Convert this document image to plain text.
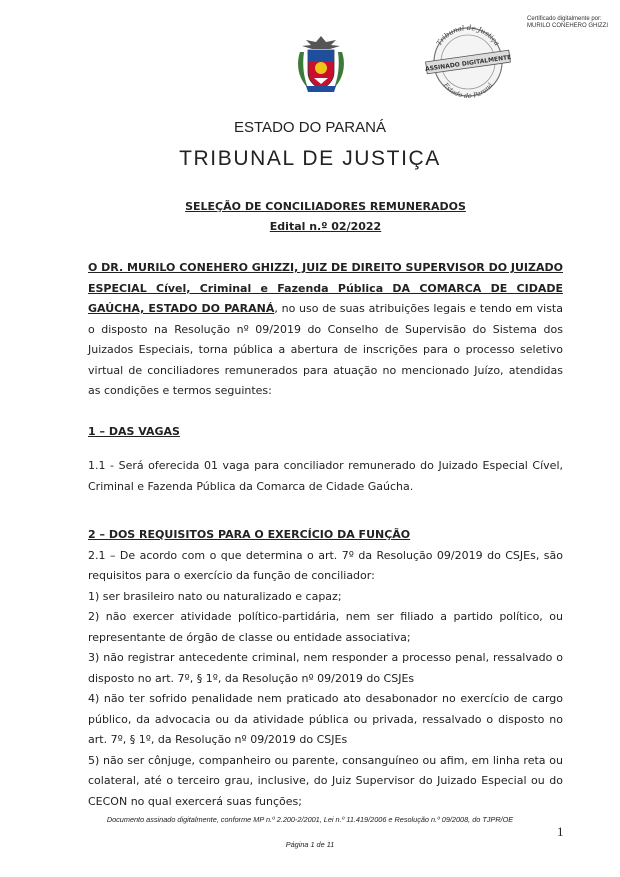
Certificado digitalmente por:
MURILO CONEHERO GHIZZI
Tribunal de Justiça
Estado do Paraná
ASSINADO DIGITALMENTE
ESTADO DO PARANÁ
TRIBUNAL DE JUSTIÇA
SELEÇÃO DE CONCILIADORES REMUNERADOS
Edital n.º 02/2022

O DR. MURILO CONEHERO GHIZZI, JUIZ DE DIREITO SUPERVISOR DO JUIZADO ESPECIAL Cível, Criminal e Fazenda Pública DA COMARCA DE CIDADE GAÚCHA, ESTADO DO PARANÁ, no uso de suas atribuições legais e tendo em vista o disposto na Resolução nº 09/2019 do Conselho de Supervisão do Sistema dos Juizados Especiais, torna pública a abertura de inscrições para o processo seletivo virtual de conciliadores remunerados para atuação no mencionado Juízo, atendidas as condições e termos seguintes:

1 – DAS VAGAS

1.1 - Será oferecida 01 vaga para conciliador remunerado do Juizado Especial Cível, Criminal e Fazenda Pública da Comarca de Cidade Gaúcha.

2 – DOS REQUISITOS PARA O EXERCÍCIO DA FUNÇÃO

2.1 – De acordo com o que determina o art. 7º da Resolução 09/2019 do CSJEs, são requisitos para o exercício da função de conciliador:

1) ser brasileiro nato ou naturalizado e capaz;

2) não exercer atividade político-partidária, nem ser filiado a partido político, ou representante de órgão de classe ou entidade associativa;

3) não registrar antecedente criminal, nem responder a processo penal, ressalvado o disposto no art. 7º, § 1º, da Resolução nº 09/2019 do CSJEs

4) não ter sofrido penalidade nem praticado ato desabonador no exercício de cargo público, da advocacia ou da atividade pública ou privada, ressalvado o disposto no art. 7º, § 1º, da Resolução nº 09/2019 do CSJEs

5) não ser cônjuge, companheiro ou parente, consanguíneo ou afim, em linha reta ou colateral, até o terceiro grau, inclusive, do Juiz Supervisor do Juizado Especial ou do CECON no qual exercerá suas funções;

Documento assinado digitalmente, conforme MP n.º 2.200-2/2001, Lei n.º 11.419/2006 e Resolução n.º 09/2008, do TJPR/OE
1
Página 1 de 11
